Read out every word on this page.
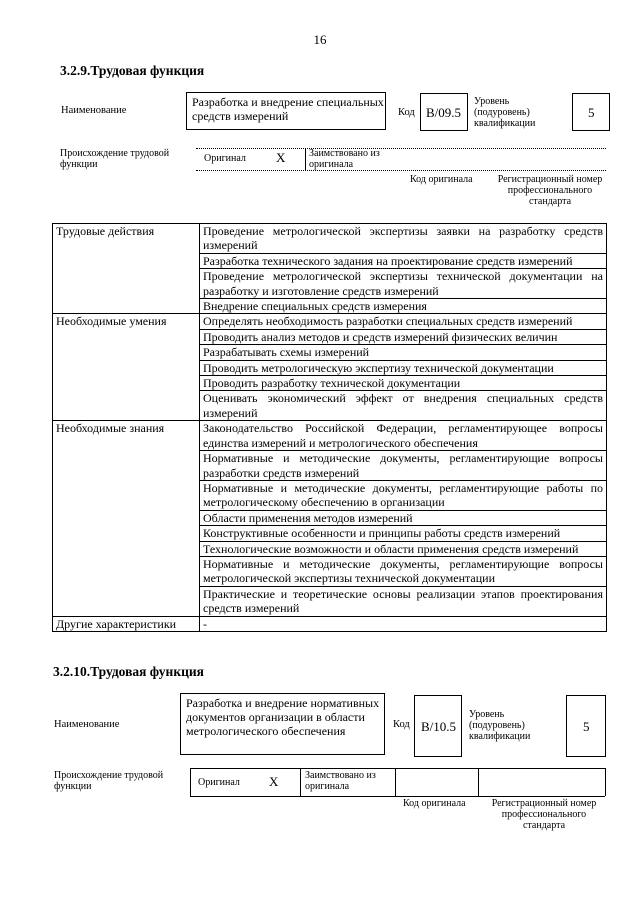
16
3.2.9.Трудовая функция
Наименование
Разработка и внедрение специальных средств измерений	Код B/09.5
Уровень (подуровень) квалификации
5
Происхождение трудовой функции
Оригинал X Заимствовано из оригинала
Код оригинала	Регистрационный номер профессионального стандарта
Трудовые действия	Проведение метрологической экспертизы заявки на разработку средств измерений
	Разработка технического задания на проектирование средств измерений
	Проведение метрологической экспертизы технической документации на разработку и изготовление средств измерений
	Внедрение специальных средств измерения
Необходимые умения	Определять необходимость разработки специальных средств измерений
	Проводить анализ методов и средств измерений физических величин
	Разрабатывать схемы измерений
	Проводить метрологическую экспертизу технической документации
	Проводить разработку технической документации
	Оценивать экономический эффект от внедрения специальных средств измерений
Необходимые знания	Законодательство Российской Федерации, регламентирующее вопросы единства измерений и метрологического обеспечения
	Нормативные и методические документы, регламентирующие вопросы разработки средств измерений
	Нормативные и методические документы, регламентирующие работы по метрологическому обеспечению в организации
	Области применения методов измерений
	Конструктивные особенности и принципы работы средств измерений
	Технологические возможности и области применения средств измерений
	Нормативные и методические документы, регламентирующие вопросы метрологической экспертизы технической документации
	Практические и теоретические основы реализации этапов проектирования средств измерений
Другие характеристики	-
3.2.10.Трудовая функция
Наименование
Разработка и внедрение нормативных документов организации в области метрологического обеспечения	Код B/10.5
Уровень (подуровень) квалификации
5
Происхождение трудовой функции	Оригинал X	Заимствовано из оригинала
Код оригинала	Регистрационный номер профессионального стандарта
